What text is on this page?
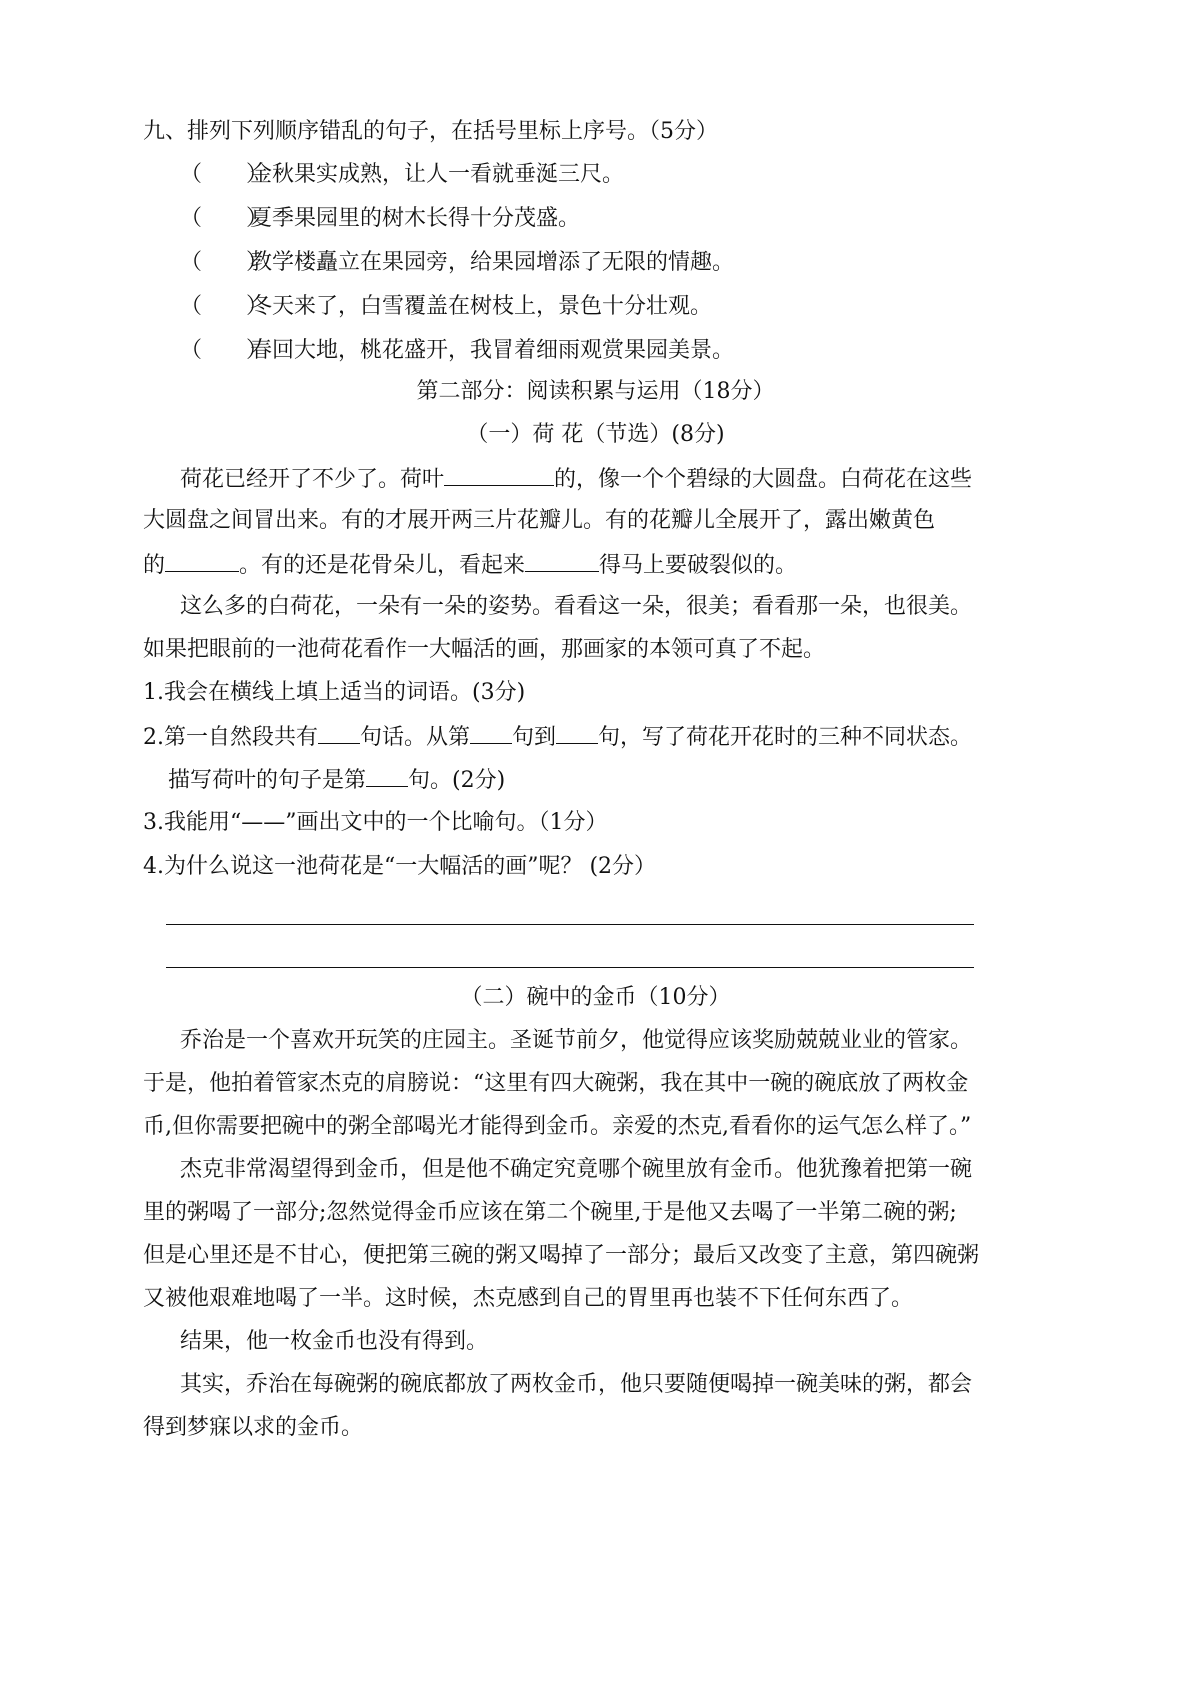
九、排列下列顺序错乱的句子，在括号里标上序号。（5分）
（　　）金秋果实成熟，让人一看就垂涎三尺。
（　　）夏季果园里的树木长得十分茂盛。
（　　）教学楼矗立在果园旁，给果园增添了无限的情趣。
（　　）冬天来了，白雪覆盖在树枝上，景色十分壮观。
（　　）春回大地，桃花盛开，我冒着细雨观赏果园美景。
第二部分：阅读积累与运用（18分）
（一）荷 花（节选）(8分)
荷花已经开了不少了。荷叶	的，像一个个碧绿的大圆盘。白荷花在这些
大圆盘之间冒出来。有的才展开两三片花瓣儿。有的花瓣儿全展开了，露出嫩黄色
的	。有的还是花骨朵儿，看起来	得马上要破裂似的。
这么多的白荷花，一朵有一朵的姿势。看看这一朵，很美；看看那一朵，也很美。
如果把眼前的一池荷花看作一大幅活的画，那画家的本领可真了不起。
1.我会在横线上填上适当的词语。(3分)
2.第一自然段共有 句话。从第 句到 句，写了荷花开花时的三种不同状态。
描写荷叶的句子是第 句。(2分)
3.我能用“——”画出文中的一个比喻句。（1分）
4.为什么说这一池荷花是“一大幅活的画”呢？ (2分）
（二）碗中的金币（10分）
乔治是一个喜欢开玩笑的庄园主。圣诞节前夕，他觉得应该奖励兢兢业业的管家。
于是，他拍着管家杰克的肩膀说：“这里有四大碗粥，我在其中一碗的碗底放了两枚金
币,但你需要把碗中的粥全部喝光才能得到金币。亲爱的杰克,看看你的运气怎么样了。”
杰克非常渴望得到金币，但是他不确定究竟哪个碗里放有金币。他犹豫着把第一碗
里的粥喝了一部分;忽然觉得金币应该在第二个碗里,于是他又去喝了一半第二碗的粥;
但是心里还是不甘心，便把第三碗的粥又喝掉了一部分；最后又改变了主意，第四碗粥
又被他艰难地喝了一半。这时候，杰克感到自己的胃里再也装不下任何东西了。
结果，他一枚金币也没有得到。
其实，乔治在每碗粥的碗底都放了两枚金币，他只要随便喝掉一碗美味的粥，都会
得到梦寐以求的金币。
